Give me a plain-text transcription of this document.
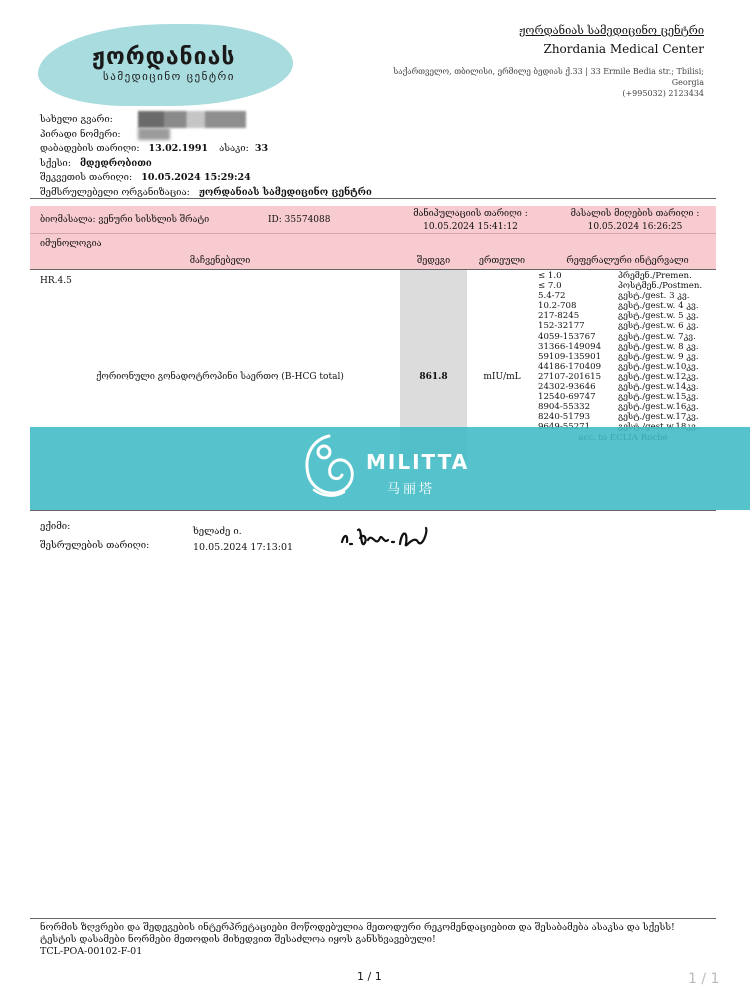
ჟორდანიას
სამედიცინო ცენტრი
ჟორდანიას სამედიცინო ცენტრი
Zhordania Medical Center
საქართველო, თბილისი, ერმილე ბედიას ქ.33 | 33 Ermile Bedia str.; Tbilisi; Georgia
(+995032) 2123434
სახელი გვარი:
პირადი ნომერი:
დაბადების თარიღი: 13.02.1991 ასაკი: 33
სქესი: მდედრობითი
შეკვეთის თარიღი: 10.05.2024 15:29:24
შემსრულებელი ორგანიზაცია: ჟორდანიას სამედიცინო ცენტრი
ბიომასალა: ვენური სისხლის შრატი	ID: 35574088
მანიპულაციის თარიღი :
10.05.2024 15:41:12
მასალის მიღების თარიღი :
10.05.2024 16:26:25
იმუნოლოგია
მაჩვენებელი	შედეგი	ერთეული	რეფერალური ინტერვალი
HR.4.5
ქორიონული გონადოტროპინი საერთო (B-HCG total)	861.8	mIU/mL
≤ 1.0	პრემენ./Premen.
≤ 7.0	პოსტმენ./Postmen.
5.4-72	გესტ./gest. 3 კვ.
10.2-708	გესტ./gest.w. 4 კვ.
217-8245	გესტ./gest.w. 5 კვ.
152-32177	გესტ./gest.w. 6 კვ.
4059-153767	გესტ./gest.w. 7კვ.
31366-149094	გესტ./gest.w. 8 კვ.
59109-135901	გესტ./gest.w. 9 კვ.
44186-170409	გესტ./gest.w.10კვ.
27107-201615	გესტ./gest.w.12კვ.
24302-93646	გესტ./gest.w.14კვ.
12540-69747	გესტ./gest.w.15კვ.
8904-55332	გესტ./gest.w.16კვ.
8240-51793	გესტ./gest.w.17კვ.
MILITTA
马丽塔
ექიმი:	ხელაძე ი.
შესრულების თარიღი:	10.05.2024 17:13:01
ნორმის ზღვრები და შედეგების ინტერპრეტაციები მოწოდებულია მეთოდური რეკომენდაციებით და შესაბამება ასაკსა და სქესს!
ტესტის დასამები ნორმები მეთოდის მიხედვით შესაძლოა იყოს განსხვავებული!
TCL-POA-00102-F-01
1 / 1	1 / 1
